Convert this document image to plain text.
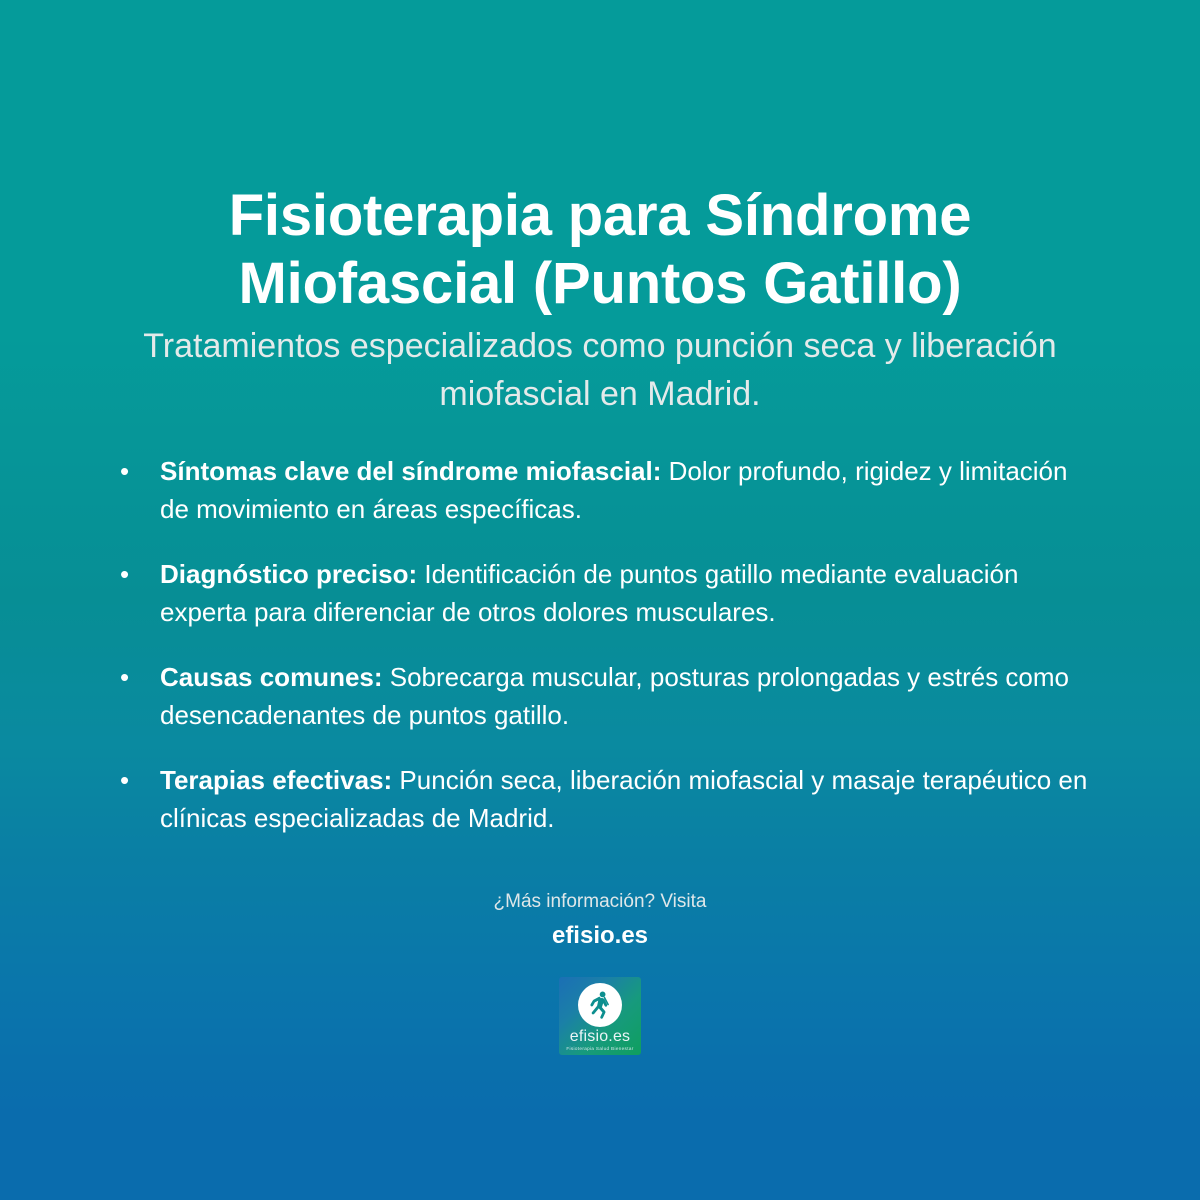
Fisioterapia para Síndrome Miofascial (Puntos Gatillo)

Tratamientos especializados como punción seca y liberación miofascial en Madrid.

• Síntomas clave del síndrome miofascial: Dolor profundo, rigidez y limitación de movimiento en áreas específicas.
• Diagnóstico preciso: Identificación de puntos gatillo mediante evaluación experta para diferenciar de otros dolores musculares.
• Causas comunes: Sobrecarga muscular, posturas prolongadas y estrés como desencadenantes de puntos gatillo.
• Terapias efectivas: Punción seca, liberación miofascial y masaje terapéutico en clínicas especializadas de Madrid.

¿Más información? Visita

efisio.es

efisio.es
Fisioterapia Salud Bienestar
